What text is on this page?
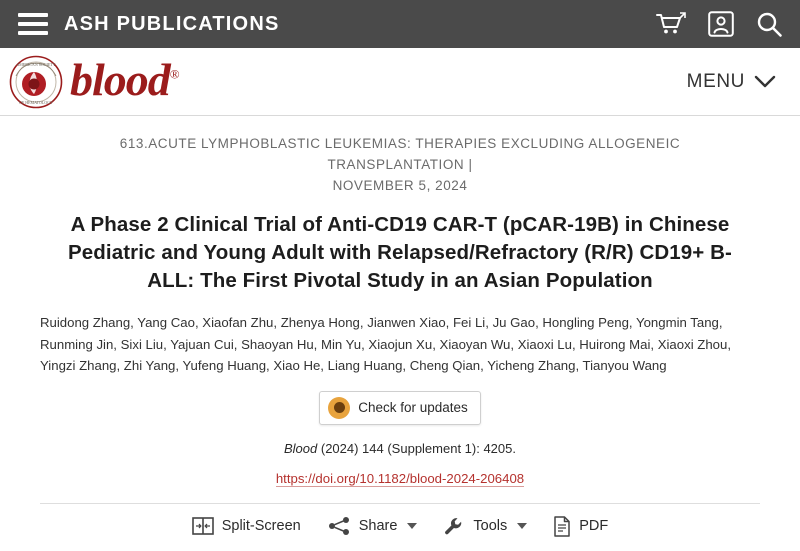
ASH PUBLICATIONS
AMERICAN SOCIETY
OF HEMATOLOGY blood®	MENU
613.ACUTE LYMPHOBLASTIC LEUKEMIAS: THERAPIES EXCLUDING ALLOGENEIC TRANSPLANTATION |
NOVEMBER 5, 2024
A Phase 2 Clinical Trial of Anti-CD19 CAR-T (pCAR-19B) in Chinese Pediatric and Young Adult with Relapsed/Refractory (R/R) CD19+ B-ALL: The First Pivotal Study in an Asian Population
Ruidong Zhang, Yang Cao, Xiaofan Zhu, Zhenya Hong, Jianwen Xiao, Fei Li, Ju Gao, Hongling Peng, Yongmin Tang, Runming Jin, Sixi Liu, Yajuan Cui, Shaoyan Hu, Min Yu, Xiaojun Xu, Xiaoyan Wu, Xiaoxi Lu, Huirong Mai, Xiaoxi Zhou, Yingzi Zhang, Zhi Yang, Yufeng Huang, Xiao He, Liang Huang, Cheng Qian, Yicheng Zhang, Tianyou Wang
Check for updates
Blood (2024) 144 (Supplement 1): 4205.
https://doi.org/10.1182/blood-2024-206408
Split-Screen	Share	Tools	PDF
